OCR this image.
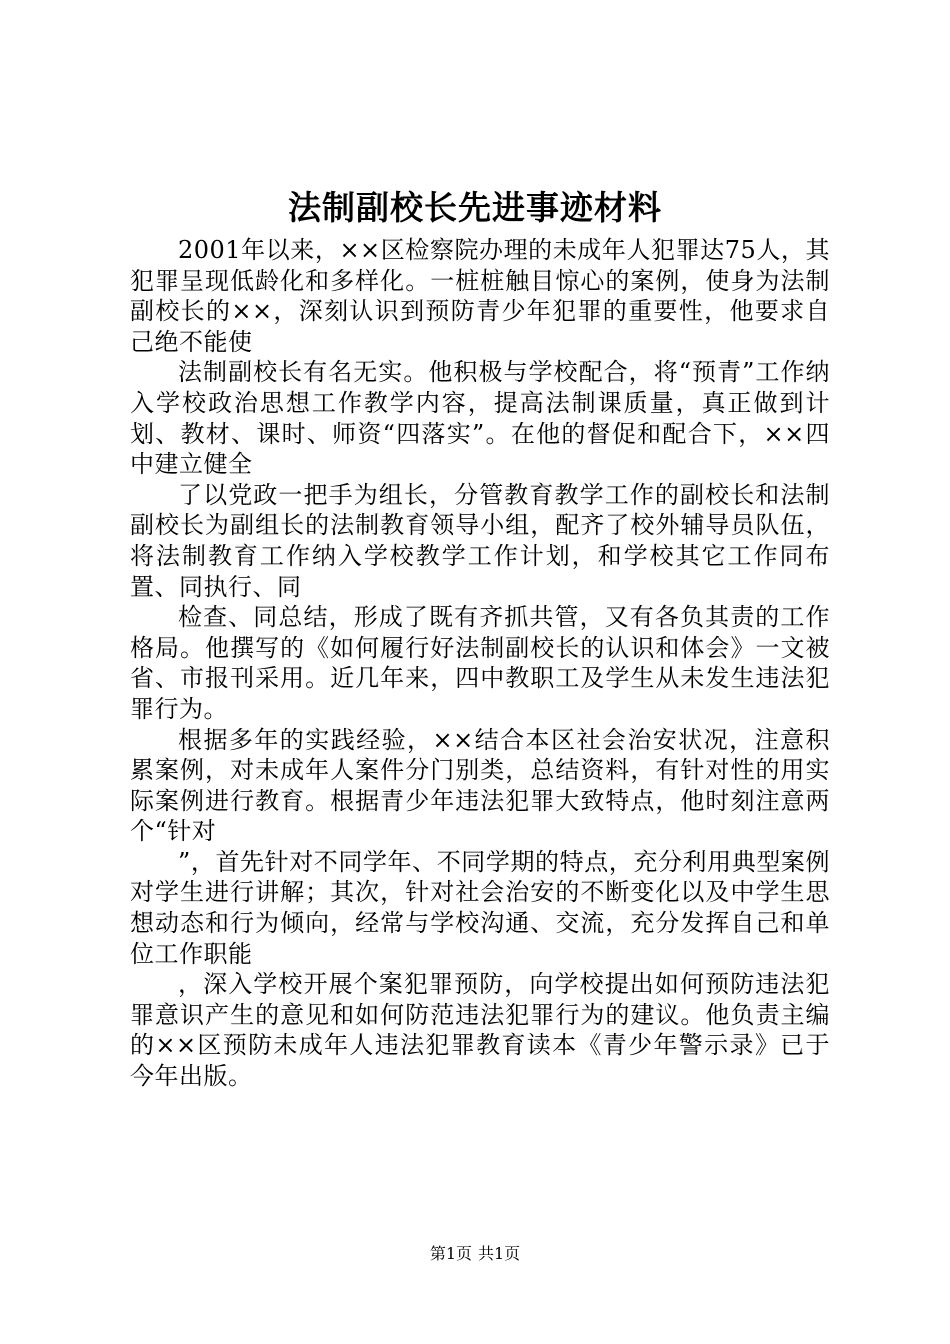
法制副校长先进事迹材料

2001年以来，××区检察院办理的未成年人犯罪达75人，其犯罪呈现低龄化和多样化。一桩桩触目惊心的案例，使身为法制副校长的××，深刻认识到预防青少年犯罪的重要性，他要求自己绝不能使

法制副校长有名无实。他积极与学校配合，将“预青”工作纳入学校政治思想工作教学内容，提高法制课质量，真正做到计划、教材、课时、师资“四落实”。在他的督促和配合下，××四中建立健全

了以党政一把手为组长，分管教育教学工作的副校长和法制副校长为副组长的法制教育领导小组，配齐了校外辅导员队伍，将法制教育工作纳入学校教学工作计划，和学校其它工作同布置、同执行、同

检查、同总结，形成了既有齐抓共管，又有各负其责的工作格局。他撰写的《如何履行好法制副校长的认识和体会》一文被省、市报刊采用。近几年来，四中教职工及学生从未发生违法犯罪行为。

根据多年的实践经验，××结合本区社会治安状况，注意积累案例，对未成年人案件分门别类，总结资料，有针对性的用实际案例进行教育。根据青少年违法犯罪大致特点，他时刻注意两个“针对

”，首先针对不同学年、不同学期的特点，充分利用典型案例对学生进行讲解；其次，针对社会治安的不断变化以及中学生思想动态和行为倾向，经常与学校沟通、交流，充分发挥自己和单位工作职能

，深入学校开展个案犯罪预防，向学校提出如何预防违法犯罪意识产生的意见和如何防范违法犯罪行为的建议。他负责主编的××区预防未成年人违法犯罪教育读本《青少年警示录》已于今年出版。

第1页 共1页
